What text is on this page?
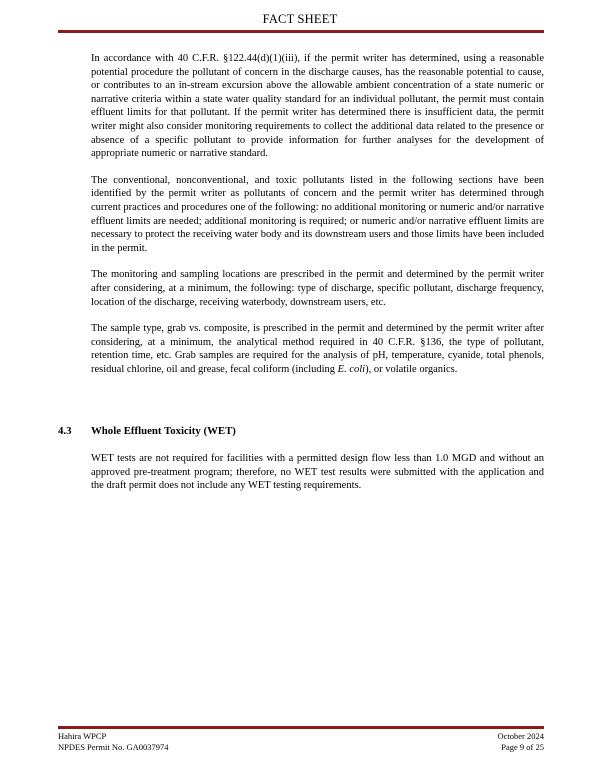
FACT SHEET

In accordance with 40 C.F.R. §122.44(d)(1)(iii), if the permit writer has determined, using a reasonable potential procedure the pollutant of concern in the discharge causes, has the reasonable potential to cause, or contributes to an in-stream excursion above the allowable ambient concentration of a state numeric or narrative criteria within a state water quality standard for an individual pollutant, the permit must contain effluent limits for that pollutant. If the permit writer has determined there is insufficient data, the permit writer might also consider monitoring requirements to collect the additional data related to the presence or absence of a specific pollutant to provide information for further analyses for the development of appropriate numeric or narrative standard.

The conventional, nonconventional, and toxic pollutants listed in the following sections have been identified by the permit writer as pollutants of concern and the permit writer has determined through current practices and procedures one of the following: no additional monitoring or numeric and/or narrative effluent limits are needed; additional monitoring is required; or numeric and/or narrative effluent limits are necessary to protect the receiving water body and its downstream users and those limits have been included in the permit.

The monitoring and sampling locations are prescribed in the permit and determined by the permit writer after considering, at a minimum, the following: type of discharge, specific pollutant, discharge frequency, location of the discharge, receiving waterbody, downstream users, etc.

The sample type, grab vs. composite, is prescribed in the permit and determined by the permit writer after considering, at a minimum, the analytical method required in 40 C.F.R. §136, the type of pollutant, retention time, etc. Grab samples are required for the analysis of pH, temperature, cyanide, total phenols, residual chlorine, oil and grease, fecal coliform (including E. coli), or volatile organics.

4.3 Whole Effluent Toxicity (WET)

WET tests are not required for facilities with a permitted design flow less than 1.0 MGD and without an approved pre-treatment program; therefore, no WET test results were submitted with the application and the draft permit does not include any WET testing requirements.

Hahira WPCP	October 2024
NPDES Permit No. GA0037974	Page 9 of 25
